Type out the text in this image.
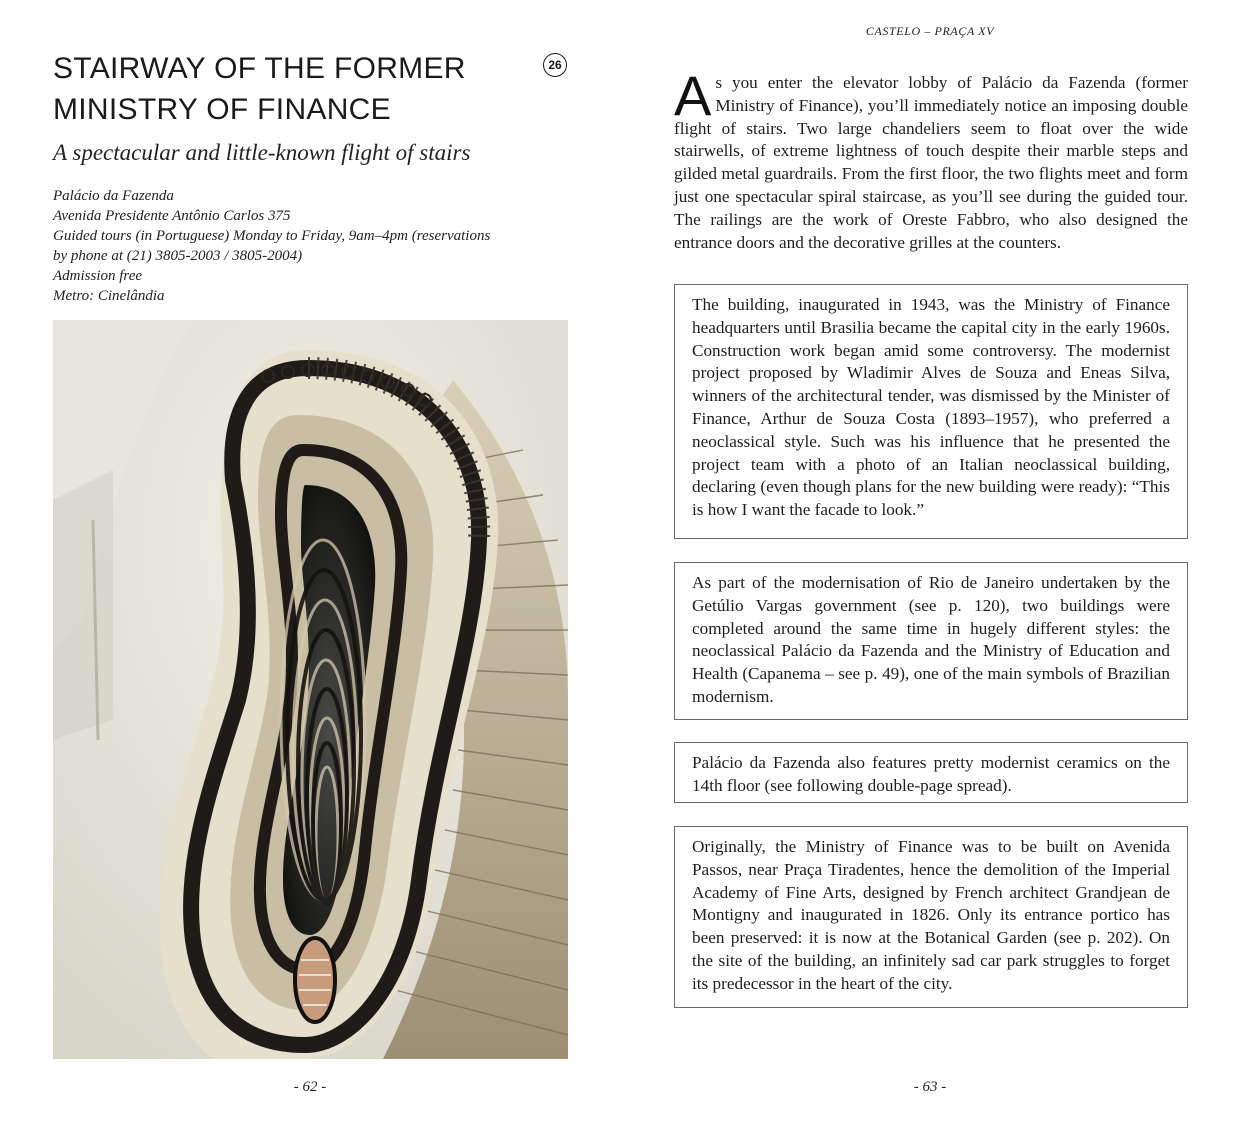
STAIRWAY OF THE FORMER
MINISTRY OF FINANCE
26

A spectacular and little-known flight of stairs

Palácio da Fazenda
Avenida Presidente Antônio Carlos 375
Guided tours (in Portuguese) Monday to Friday, 9am–4pm (reservations
by phone at (21) 3805-2003 / 3805-2004)
Admission free
Metro: Cinelândia
- 62 -
CASTELO – PRAÇA XV

As you enter the elevator lobby of Palácio da Fazenda (former Ministry of Finance), you’ll immediately notice an imposing double flight of stairs. Two large chandeliers seem to float over the wide stairwells, of extreme lightness of touch despite their marble steps and gilded metal guardrails. From the first floor, the two flights meet and form just one spectacular spiral staircase, as you’ll see during the guided tour. The railings are the work of Oreste Fabbro, who also designed the entrance doors and the decorative grilles at the counters.

The building, inaugurated in 1943, was the Ministry of Finance headquarters until Brasilia became the capital city in the early 1960s. Construction work began amid some controversy. The modernist project proposed by Wladimir Alves de Souza and Eneas Silva, winners of the architectural tender, was dismissed by the Minister of Finance, Arthur de Souza Costa (1893–1957), who preferred a neoclassical style. Such was his influence that he presented the project team with a photo of an Italian neoclassical building, declaring (even though plans for the new building were ready): “This is how I want the facade to look.”
As part of the modernisation of Rio de Janeiro undertaken by the Getúlio Vargas government (see p. 120), two buildings were completed around the same time in hugely different styles: the neoclassical Palácio da Fazenda and the Ministry of Education and Health (Capanema – see p. 49), one of the main symbols of Brazilian modernism.
Palácio da Fazenda also features pretty modernist ceramics on the 14th floor (see following double-page spread).
Originally, the Ministry of Finance was to be built on Avenida Passos, near Praça Tiradentes, hence the demolition of the Imperial Academy of Fine Arts, designed by French architect Grandjean de Montigny and inaugurated in 1826. Only its entrance portico has been preserved: it is now at the Botanical Garden (see p. 202). On the site of the building, an infinitely sad car park struggles to forget its predecessor in the heart of the city.
- 63 -
